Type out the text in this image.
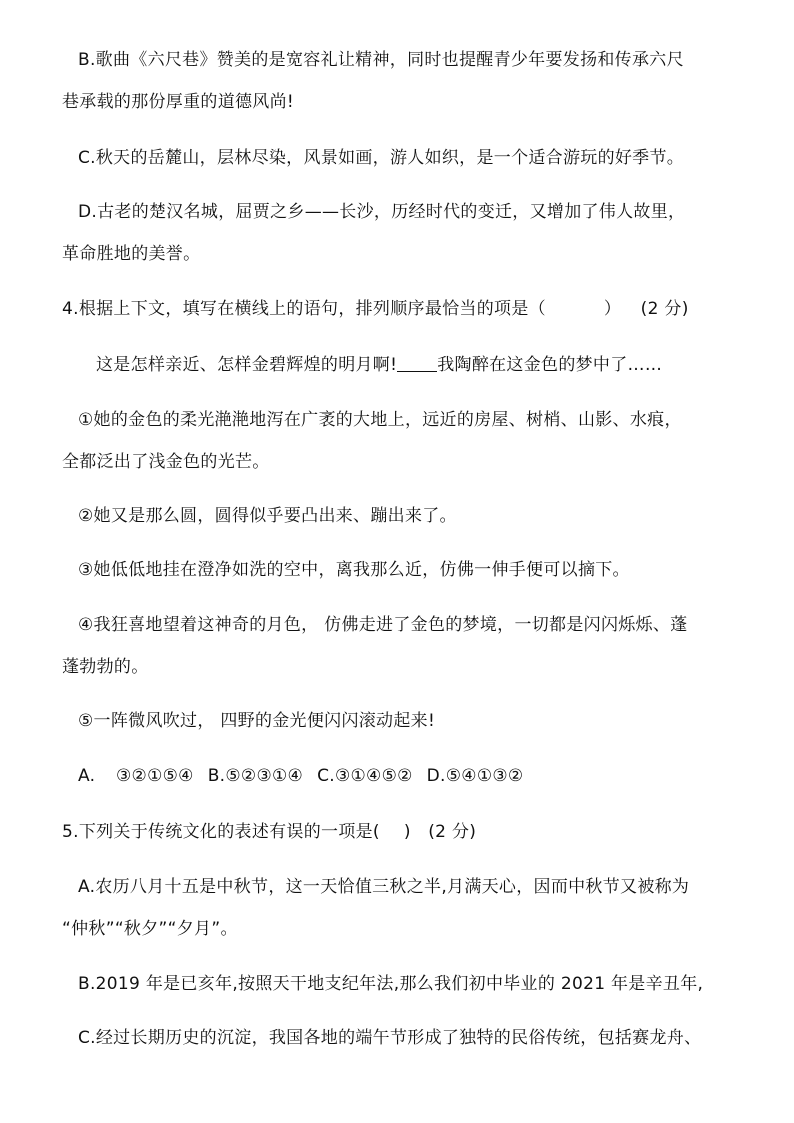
B.歌曲《六尺巷》赞美的是宽容礼让精神，同时也提醒青少年要发扬和传承六尺
巷承载的那份厚重的道德风尚!
C.秋天的岳麓山，层林尽染，风景如画，游人如织，是一个适合游玩的好季节。
D.古老的楚汉名城，屈贾之乡——长沙，历经时代的变迁，又增加了伟人故里，
革命胜地的美誉。
4.根据上下文，填写在横线上的语句，排列顺序最恰当的项是（	） (2 分)
这是怎样亲近、怎样金碧辉煌的明月啊! 我陶醉在这金色的梦中了……
①她的金色的柔光滟滟地泻在广袤的大地上，远近的房屋、树梢、山影、水痕，
全都泛出了浅金色的光芒。
②她又是那么圆，圆得似乎要凸出来、蹦出来了。
③她低低地挂在澄净如洗的空中，离我那么近，仿佛一伸手便可以摘下。
④我狂喜地望着这神奇的月色， 仿佛走进了金色的梦境，一切都是闪闪烁烁、蓬
蓬勃勃的。
⑤一阵微风吹过， 四野的金光便闪闪滚动起来!
A. ③②①⑤④ B.⑤②③①④ C.③①④⑤② D.⑤④①③②
5.下列关于传统文化的表述有误的一项是( ) (2 分)
A.农历八月十五是中秋节，这一天恰值三秋之半,月满天心，因而中秋节又被称为
“仲秋”“秋夕”“夕月”。
B.2019 年是已亥年,按照天干地支纪年法,那么我们初中毕业的 2021 年是辛丑年,
C.经过长期历史的沉淀，我国各地的端午节形成了独特的民俗传统，包括赛龙舟、
